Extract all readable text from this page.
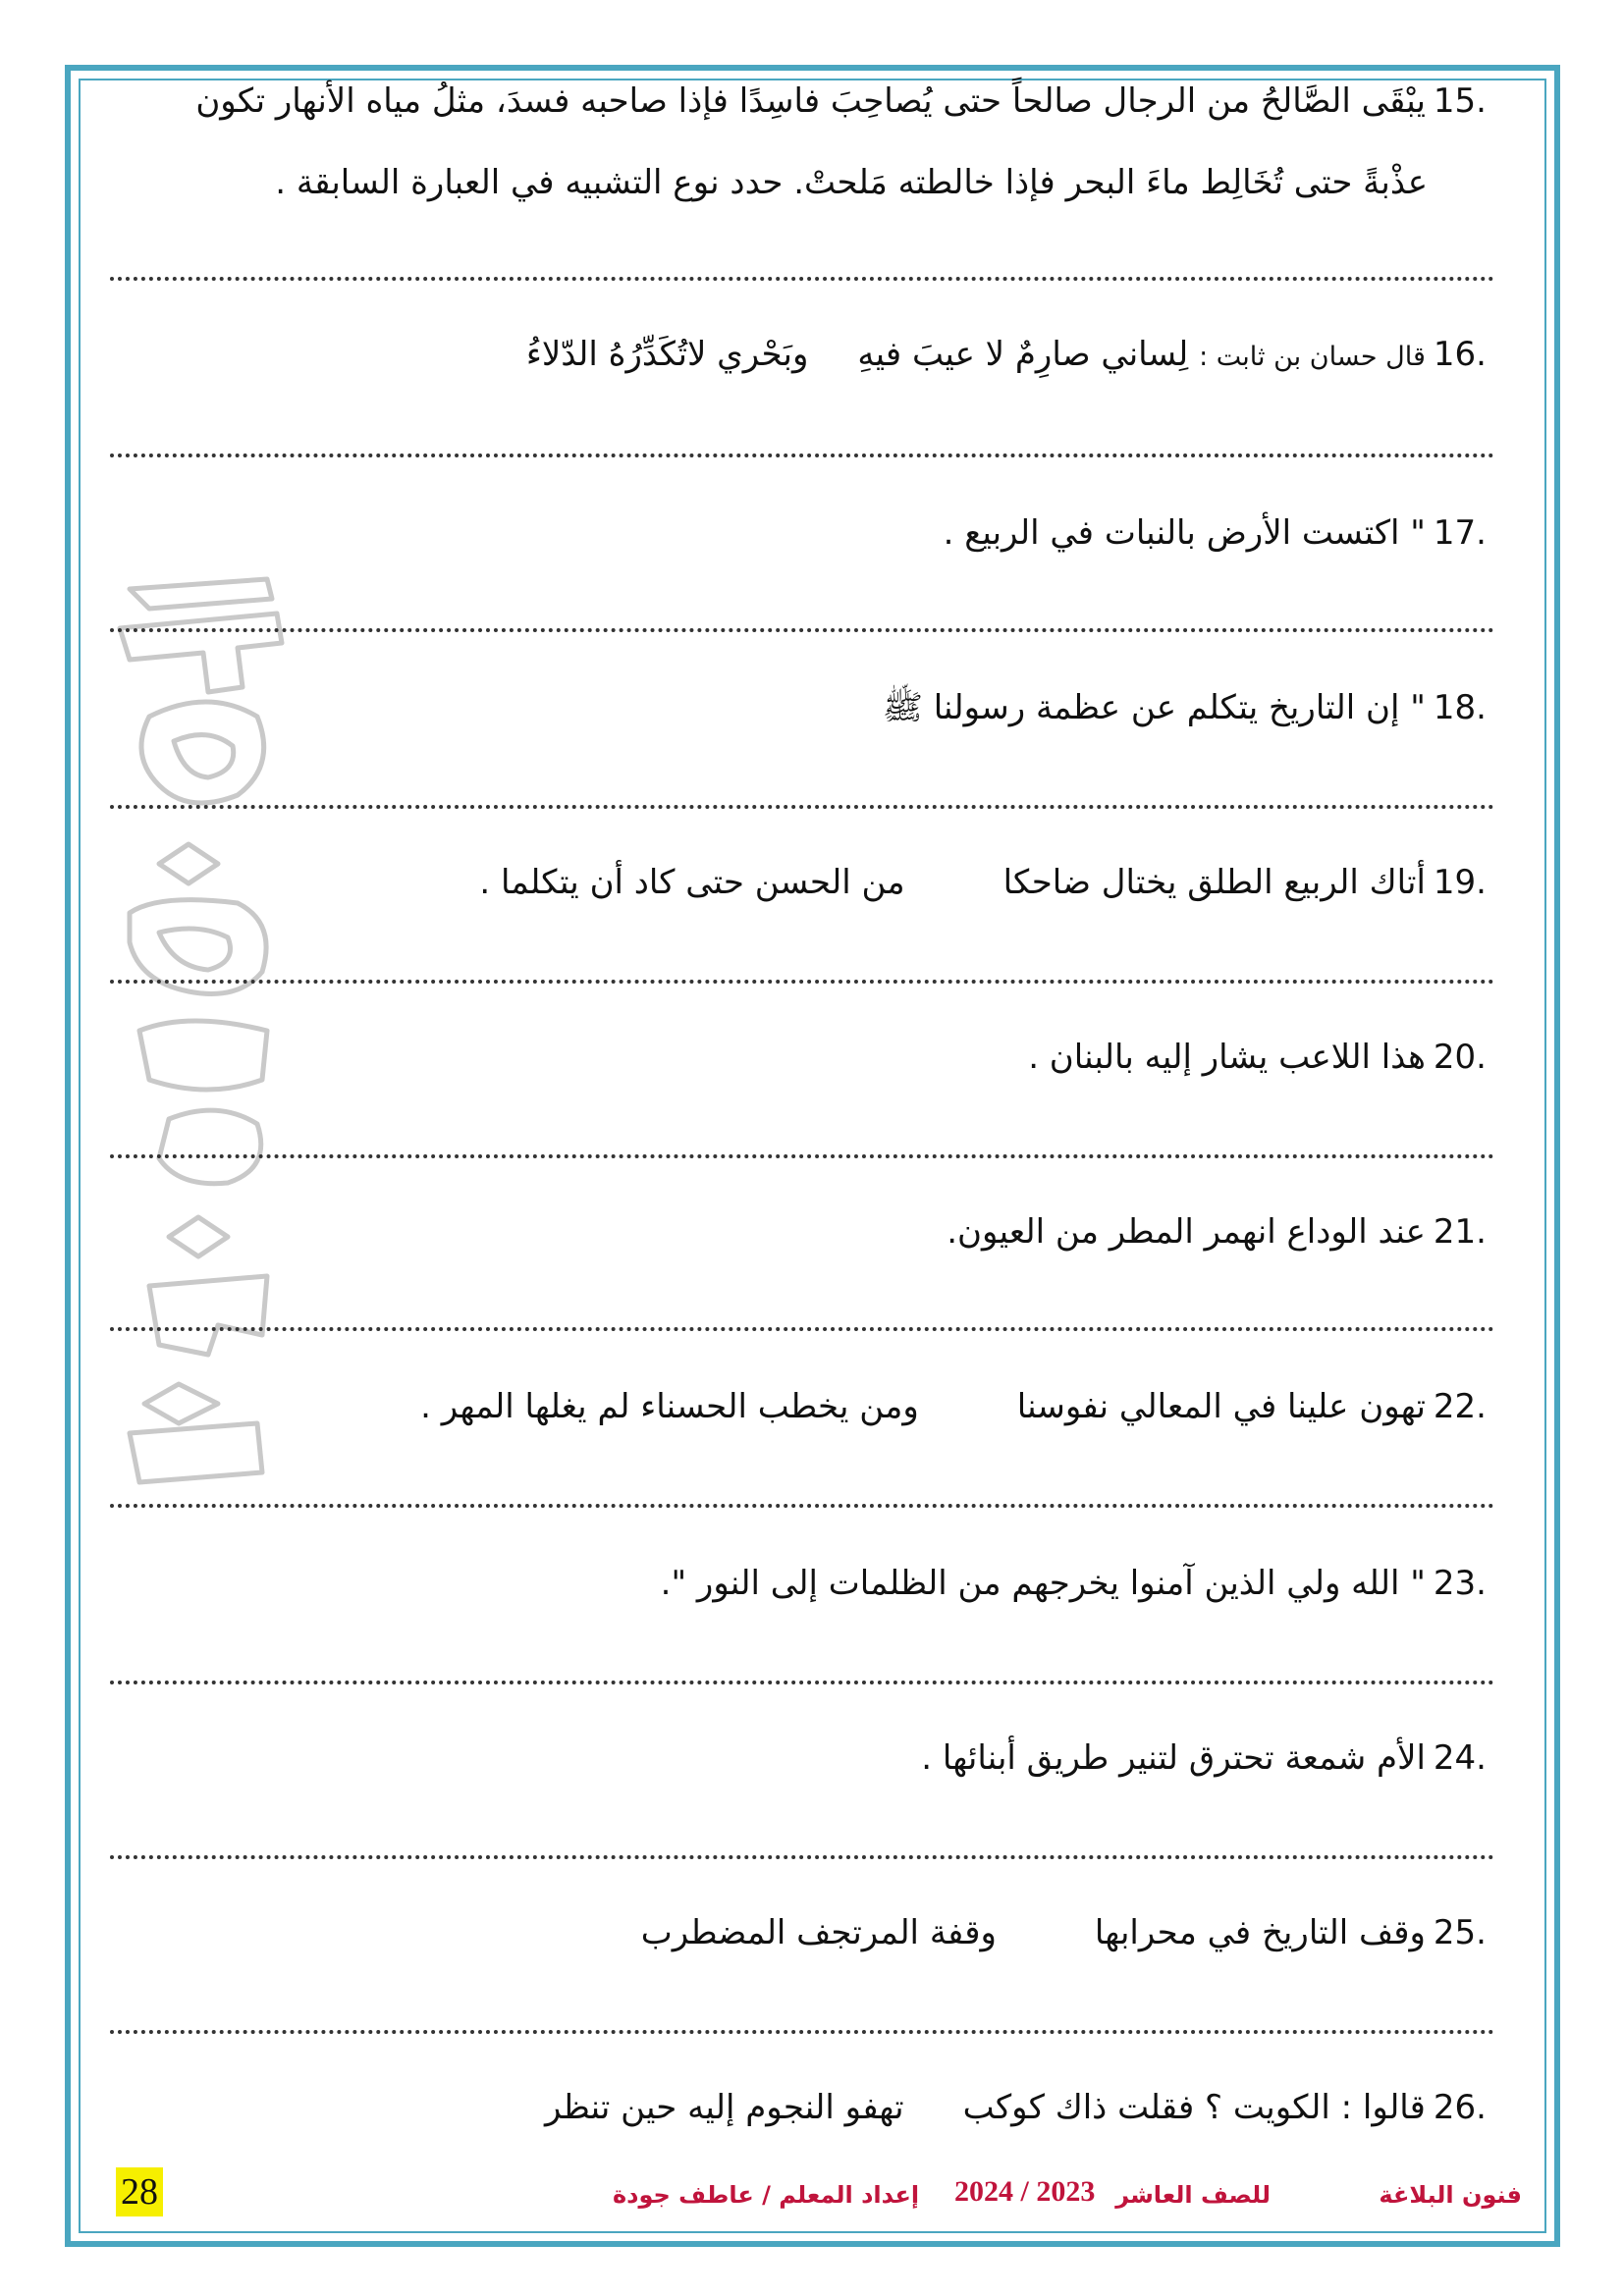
15.يبْقَى الصَّالحُ من الرجال صالحاً حتى يُصاحِبَ فاسِدًا فإذا صاحبه فسدَ، مثلُ مياه الأنهار تكون
عذْبةً حتى تُخَالِط ماءَ البحر فإذا خالطته مَلحتْ. حدد نوع التشبيه في العبارة السابقة .
16.قال حسان بن ثابت : لِساني صارِمٌ لا عيبَ فيهِوبَحْري لاتُكَدِّرُهُ الدّلاءُ
17." اكتست الأرض بالنبات في الربيع .
18." إن التاريخ يتكلم عن عظمة رسولنا ﷺ
19.أتاك الربيع الطلق يختال ضاحكامن الحسن حتى كاد أن يتكلما .
20.هذا اللاعب يشار إليه بالبنان .
21.عند الوداع انهمر المطر من العيون.
22.تهون علينا في المعالي نفوسناومن يخطب الحسناء لم يغلها المهر .
23." الله ولي الذين آمنوا يخرجهم من الظلمات إلى النور ".
24.الأم شمعة تحترق لتنير طريق أبنائها .
25.وقف التاريخ في محرابهاوقفة المرتجف المضطرب
26.قالوا : الكويت ؟ فقلت ذاك كوكبتهفو النجوم إليه حين تنظر
28	فنون البلاغة
للصف العاشر
2024 / 2023
إعداد المعلم / عاطف جودة
